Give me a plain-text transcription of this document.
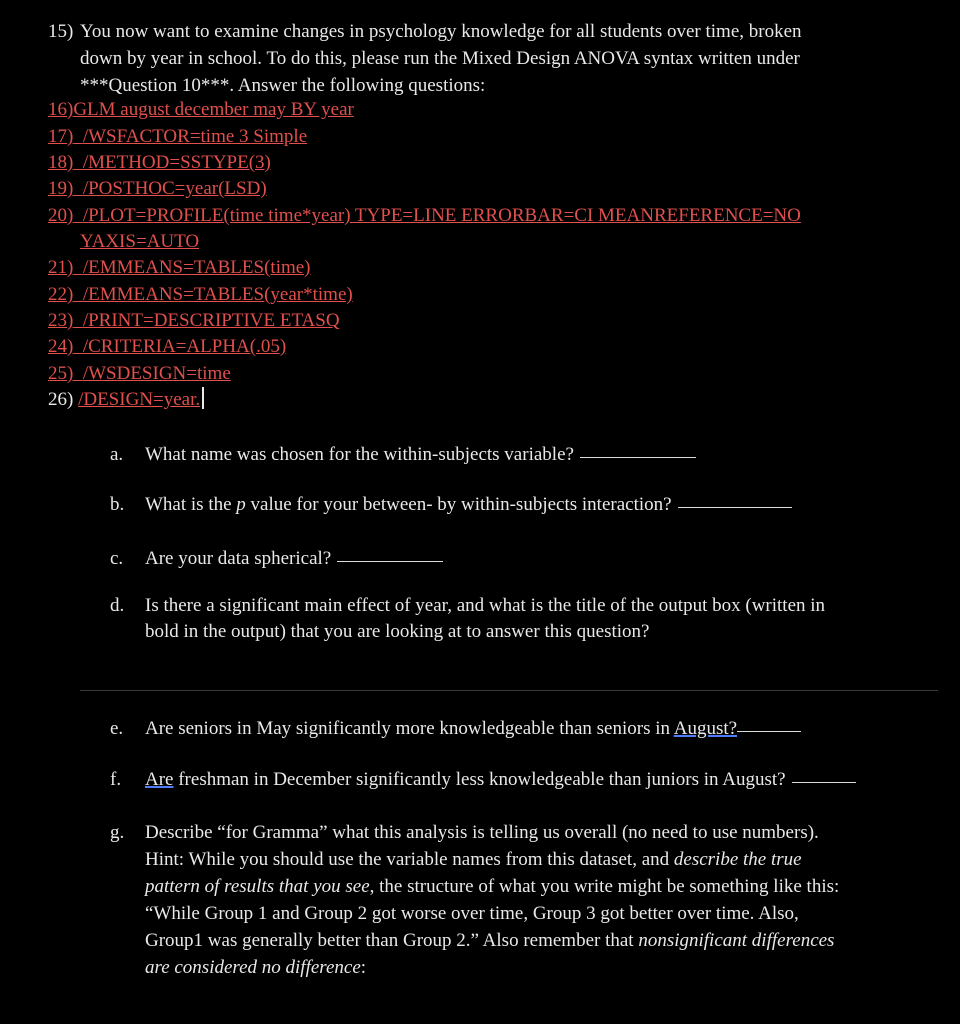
15) You now want to examine changes in psychology knowledge for all students over time, broken
down by year in school. To do this, please run the Mixed Design ANOVA syntax written under
***Question 10***. Answer the following questions:
16)GLM august december may BY year
17) /WSFACTOR=time 3 Simple
18) /METHOD=SSTYPE(3)
19) /POSTHOC=year(LSD)
20) /PLOT=PROFILE(time time*year) TYPE=LINE ERRORBAR=CI MEANREFERENCE=NO
YAXIS=AUTO
21) /EMMEANS=TABLES(time)
22) /EMMEANS=TABLES(year*time)
23) /PRINT=DESCRIPTIVE ETASQ
24) /CRITERIA=ALPHA(.05)
25) /WSDESIGN=time
26) /DESIGN=year.
a. What name was chosen for the within-subjects variable?
b. What is the p value for your between- by within-subjects interaction?
c. Are your data spherical?
d. Is there a significant main effect of year, and what is the title of the output box (written in
bold in the output) that you are looking at to answer this question?
e. Are seniors in May significantly more knowledgeable than seniors in August?
f. Are freshman in December significantly less knowledgeable than juniors in August?
g. Describe “for Gramma” what this analysis is telling us overall (no need to use numbers).
Hint: While you should use the variable names from this dataset, and describe the true
pattern of results that you see, the structure of what you write might be something like this:
“While Group 1 and Group 2 got worse over time, Group 3 got better over time. Also,
Group1 was generally better than Group 2.” Also remember that nonsignificant differences
are considered no difference:
